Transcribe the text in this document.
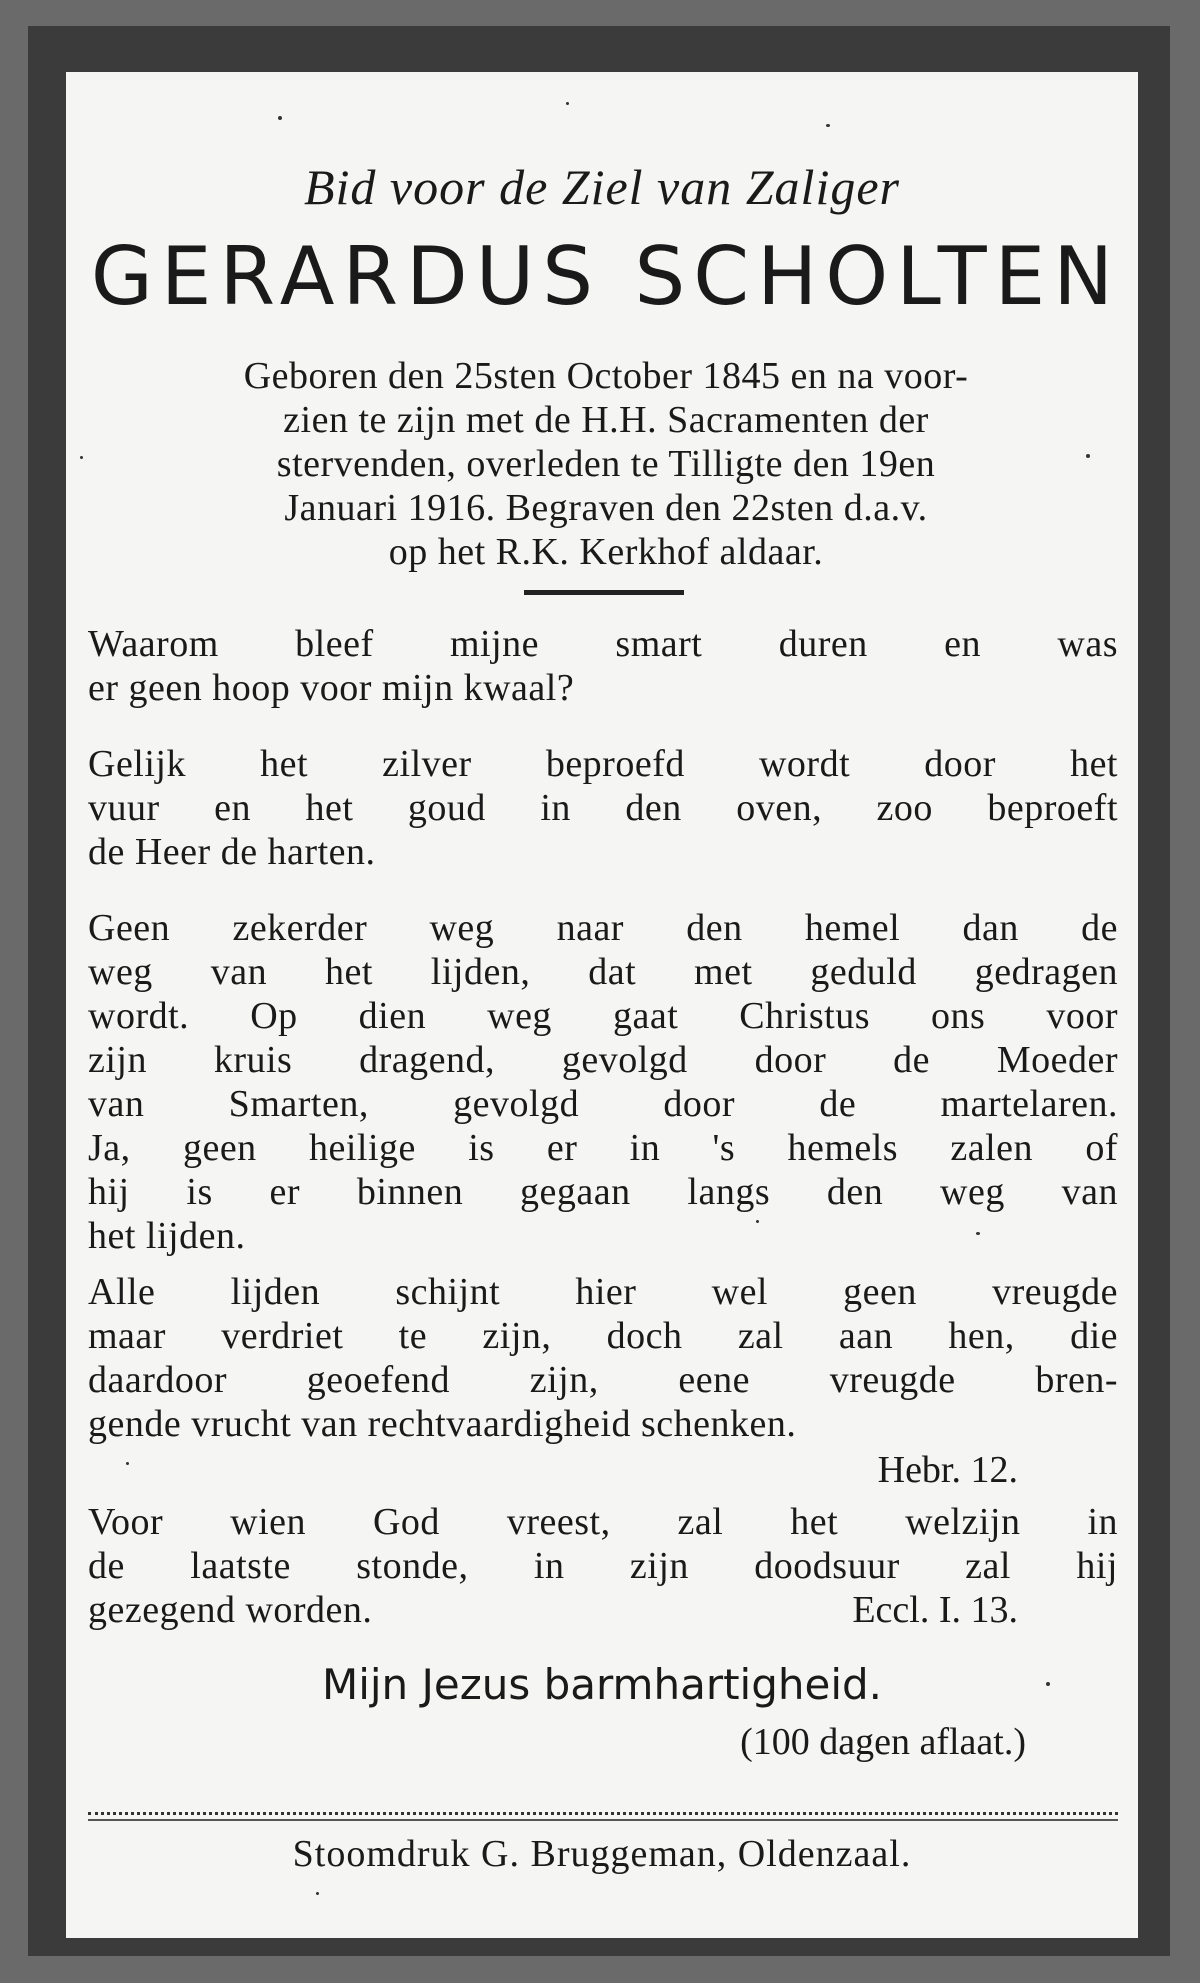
Bid voor de Ziel van Zaliger
GERARDUS SCHOLTEN
Geboren den 25sten October 1845 en na voor-
zien te zijn met de H.H. Sacramenten der
stervenden, overleden te Tilligte den 19en
Januari 1916. Begraven den 22sten d.a.v.
op het R.K. Kerkhof aldaar.
Waarom bleef mijne smart duren en was
er geen hoop voor mijn kwaal?
Gelijk het zilver beproefd wordt door het
vuur en het goud in den oven, zoo beproeft
de Heer de harten.
Geen zekerder weg naar den hemel dan de
weg van het lijden, dat met geduld gedragen
wordt. Op dien weg gaat Christus ons voor
zijn kruis dragend, gevolgd door de Moeder
van Smarten, gevolgd door de martelaren.
Ja, geen heilige is er in 's hemels zalen of
hij is er binnen gegaan langs den weg van
het lijden.
Alle lijden schijnt hier wel geen vreugde
maar verdriet te zijn, doch zal aan hen, die
daardoor geoefend zijn, eene vreugde bren-
gende vrucht van rechtvaardigheid schenken.
Hebr. 12.
Voor wien God vreest, zal het welzijn in
de laatste stonde, in zijn doodsuur zal hij
gezegend worden.	Eccl. I. 13.
Mijn Jezus barmhartigheid.
(100 dagen aflaat.)
Stoomdruk G. Bruggeman, Oldenzaal.
